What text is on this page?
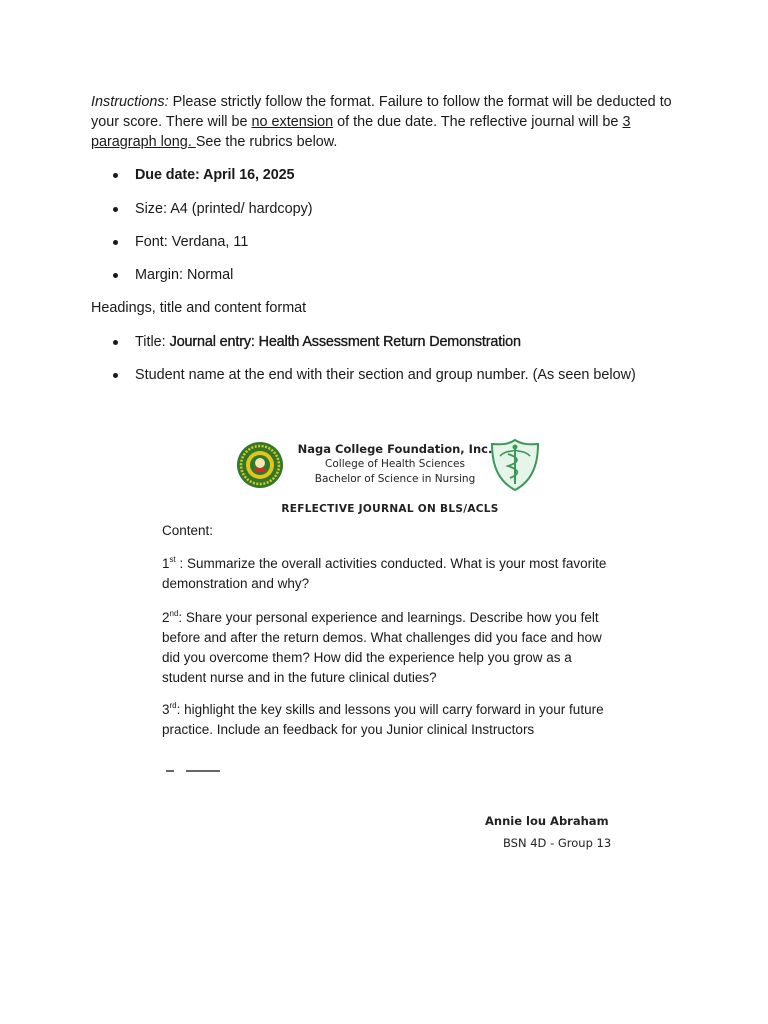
Instructions: Please strictly follow the format. Failure to follow the format will be deducted to your score. There will be no extension of the due date. The reflective journal will be 3 paragraph long. See the rubrics below.

Due date: April 16, 2025
Size: A4 (printed/ hardcopy)
Font: Verdana, 11
Margin: Normal

Headings, title and content format

Title: Journal entry: Health Assessment Return Demonstration
Student name at the end with their section and group number. (As seen below)
Naga College Foundation, Inc.
College of Health Sciences
Bachelor of Science in Nursing
REFLECTIVE JOURNAL ON BLS/ACLS

Content:

1st : Summarize the overall activities conducted. What is your most favorite demonstration and why?

2nd: Share your personal experience and learnings. Describe how you felt before and after the return demos. What challenges did you face and how did you overcome them? How did the experience help you grow as a student nurse and in the future clinical duties?

3rd: highlight the key skills and lessons you will carry forward in your future practice. Include an feedback for you Junior clinical Instructors

Annie lou Abraham
BSN 4D - Group 13
